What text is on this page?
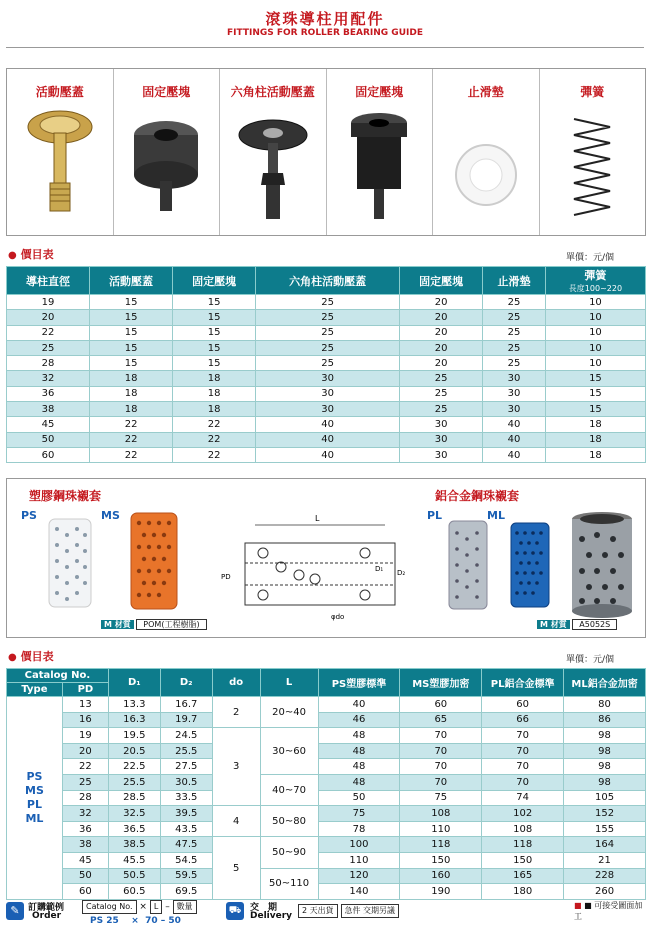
滾珠導柱用配件
FITTINGS FOR ROLLER BEARING GUIDE
活動壓蓋	固定壓塊	六角柱活動壓蓋	固定壓塊	止滑墊	彈簧
● 價目表	單價：元/個
導柱直徑	活動壓蓋	固定壓塊	六角柱活動壓蓋	固定壓塊	止滑墊	彈簧
長度100~220

19	15	15	25	20	25	10
20	15	15	25	20	25	10
22	15	15	25	20	25	10
25	15	15	25	20	25	10
28	15	15	25	20	25	10
32	18	18	30	25	30	15
36	18	18	30	25	30	15
38	18	18	30	25	30	15
45	22	22	40	30	40	18
50	22	22	40	30	40	18
60	22	22	40	30	40	18
塑膠鋼珠襯套
PS	MS
M 材質 POM(工程樹脂)
L
PD
D₁ D₂
φdo
鋁合金鋼珠襯套
PL	ML
M 材質 A5052S
● 價目表	單價：元/個
Catalog No.		D₁	D₂	do	L	PS塑膠標準	MS塑膠加密	PL鋁合金標準	ML鋁合金加密
Type	PD								

PS
MS
PL
ML	13	13.3	16.7	2	20~40	40	60	60	80
	16	16.3	19.7			46	65	66	86
	19	19.5	24.5	3	30~60	48	70	70	98
	20	20.5	25.5			48	70	70	98
	22	22.5	27.5			48	70	70	98
	25	25.5	30.5		40~70	48	70	70	98
	28	28.5	33.5			50	75	74	105
	32	32.5	39.5	4	50~80	75	108	102	152
	36	36.5	43.5			78	110	108	155
	38	38.5	47.5	5	50~90	100	118	118	164
	45	45.5	54.5			110	150	150	21
	50	50.5	59.5		50~110	120	160	165	228
	60	60.5	69.5			140	190	180	260
✎ 訂購範例
Order
Catalog No. × L – 數量
PS 25    ×  70 – 50
⛟ 交　期
Delivery
2 天出貨 急件 交期另議
■ ■ 可接受圖面加工
